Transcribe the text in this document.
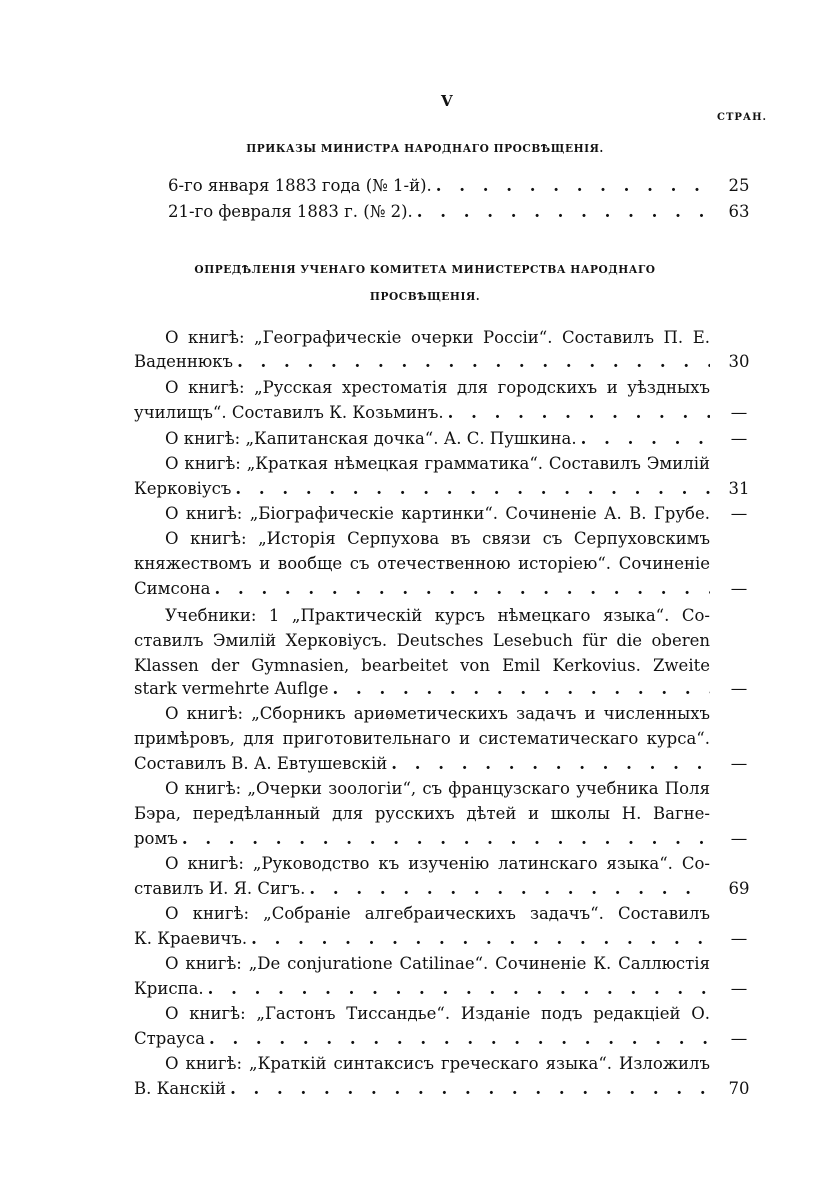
V
СТРАН.
ПРИКАЗЫ МИНИСТРА НАРОДНАГО ПРОСВѢЩЕНІЯ.
6-го января 1883 года (№ 1-й). . . .	25
21-го февраля 1883 г. (№ 2). . . .	63
ОПРЕДѢЛЕНІЯ УЧЕНАГО КОМИТЕТА МИНИСТЕРСТВА НАРОДНАГО
ПРОСВѢЩЕНІЯ.
О книгѣ: „Географическіе очерки Россіи“. Составилъ П. Е.
Ваденнюкъ . . .	30
О книгѣ: „Русская хрестоматія для городскихъ и уѣздныхъ
училищъ“. Составилъ К. Козьминъ. . . .	—
О книгѣ: „Капитанская дочка“. А. С. Пушкина. . . .	—
О книгѣ: „Краткая нѣмецкая грамматика“. Составилъ Эмилій
Керковіусъ . . .	31
О книгѣ: „Біографическіе картинки“. Сочиненіе А. В. Грубе.	—
О книгѣ: „Исторія Серпухова въ связи съ Серпуховскимъ
княжествомъ и вообще съ отечественною исторіею“. Сочиненіе
Симсона . . .	—
Учебники: 1 „Практическій курсъ нѣмецкаго языка“. Со-
ставилъ Эмилій Херковіусъ. Deutsches Lesebuch für die oberen
Klassen der Gymnasien, bearbeitet von Emil Kerkovius. Zweite
stark vermehrte Auflge . . .	—
О книгѣ: „Сборникъ ариѳметическихъ задачъ и численныхъ
примѣровъ, для приготовительнаго и систематическаго курса“.
Составилъ В. А. Евтушевскій . . .	—
О книгѣ: „Очерки зоологіи“, съ французскаго учебника Поля
Бэра, передѣланный для русскихъ дѣтей и школы Н. Вагне-
ромъ . . .	—
О книгѣ: „Руководство къ изученію латинскаго языка“. Со-
ставилъ И. Я. Сигъ. . . .	69
О книгѣ: „Собраніе алгебраическихъ задачъ“. Составилъ
К. Краевичъ. . . .	—
О книгѣ: „De conjuratione Catilinae“. Сочиненіе К. Саллюстія
Криспа. . . .	—
О книгѣ: „Гастонъ Тиссандье“. Изданіе подъ редакціей О.
Страуса . . .	—
О книгѣ: „Краткій синтаксисъ греческаго языка“. Изложилъ
В. Канскій . . .	70
